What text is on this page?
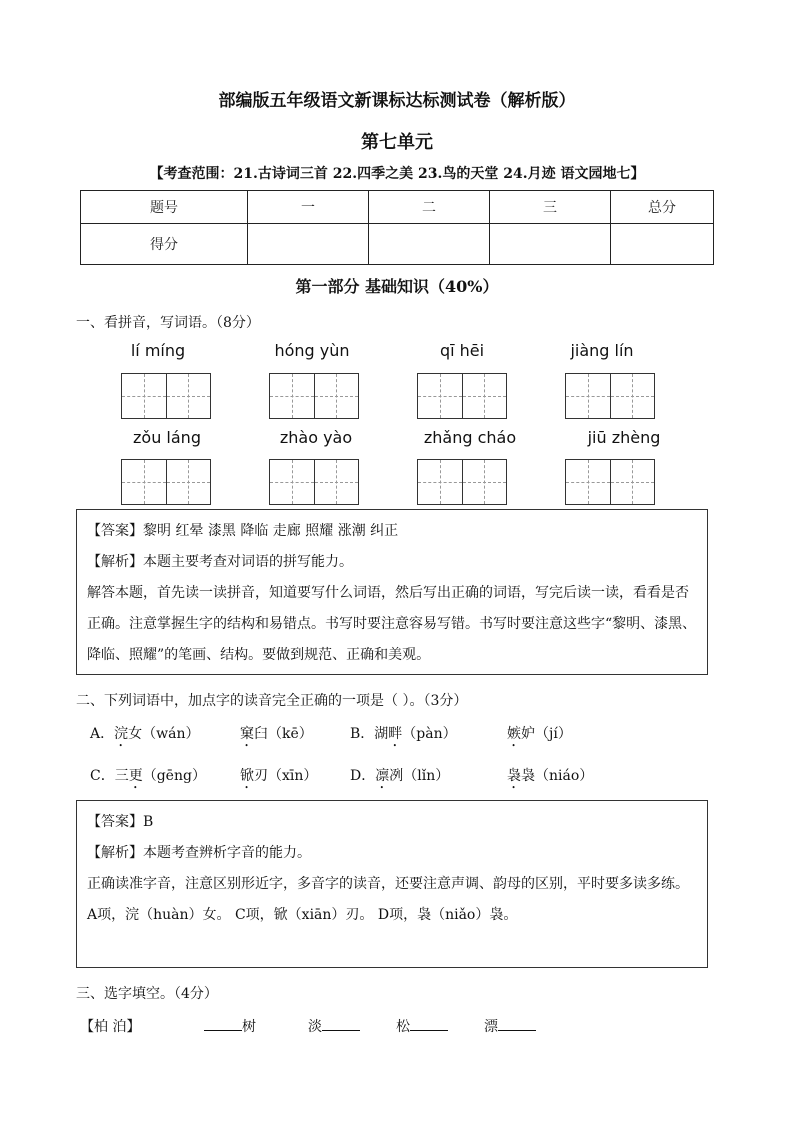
部编版五年级语文新课标达标测试卷（解析版）
第七单元
【考查范围：21.古诗词三首 22.四季之美 23.鸟的天堂 24.月迹 语文园地七】
题号	一	二	三	总分
得分				
第一部分 基础知识（40%）
一、看拼音，写词语。（8分）
lí míng	hóng yùn	qī hēi	jiàng lín
zǒu láng	zhào yào	zhǎng cháo	jiū zhèng

【答案】黎明 红晕 漆黑 降临 走廊 照耀 涨潮 纠正

【解析】本题主要考查对词语的拼写能力。

解答本题，首先读一读拼音，知道要写什么词语，然后写出正确的词语，写完后读一读，看看是否正确。注意掌握生字的结构和易错点。书写时要注意容易写错。书写时要注意这些字“黎明、漆黑、降临、照耀”的笔画、结构。要做到规范、正确和美观。

二、下列词语中，加点字的读音完全正确的一项是（ ）。（3分）
A．浣女（wán）	窠臼（kē）	B．湖畔（pàn）	嫉妒（jí）
C．三更（gēng） 锨刃（xīn） D．凛冽（lǐn）	袅袅（niáo）

【答案】B

【解析】本题考查辨析字音的能力。

正确读准字音，注意区别形近字，多音字的读音，还要注意声调、韵母的区别，平时要多读多练。

A项，浣（huàn）女。 C项，锨（xiān）刃。 D项，袅（niǎo）袅。

三、选字填空。（4分）
【柏 泊】	树	淡	松	漂
